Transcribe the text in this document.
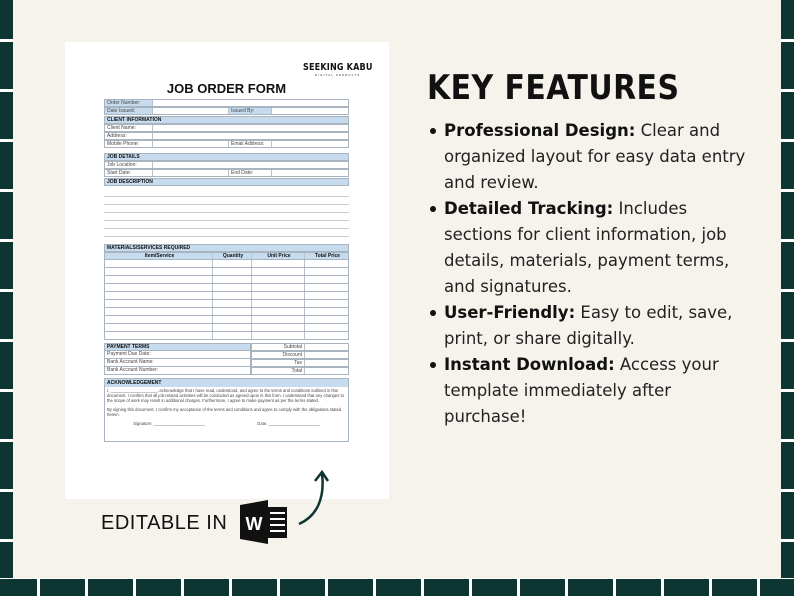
SEEKING KABU
DIGITAL PRODUCTS
JOB ORDER FORM
Order Number:
Date Issued:	Issued By:
CLIENT INFORMATION
Client Name:
Address:
Mobile Phone:	Email Address:
JOB DETAILS
Job Location:
Start Date:	End Date:
JOB DESCRIPTION
MATERIALS/SERVICES REQUIRED
Item/Service	Quantity	Unit Price	Total Price
PAYMENT TERMS
Payment Due Date:
Bank Account Name:
Bank Account Number:
Subtotal
Discount
Tax
Total
ACKNOWLEDGEMENT

I, ____________________, acknowledge that I have read, understood, and agree to the terms and conditions outlined in this document. I confirm that all job-related activities will be conducted as agreed upon in this form. I understand that any changes to the scope of work may result in additional charges. Furthermore, I agree to make payment as per the terms stated.

By signing this document, I confirm my acceptance of the terms and conditions and agree to comply with the obligations stated herein.

Signature: ______________________	Date: ______________________

KEY FEATURES
Professional Design: Clear and organized layout for easy data entry and review.
Detailed Tracking: Includes sections for client information, job details, materials, payment terms, and signatures.
User-Friendly: Easy to edit, save, print, or share digitally.
Instant Download: Access your template immediately after purchase!
EDITABLE IN W
